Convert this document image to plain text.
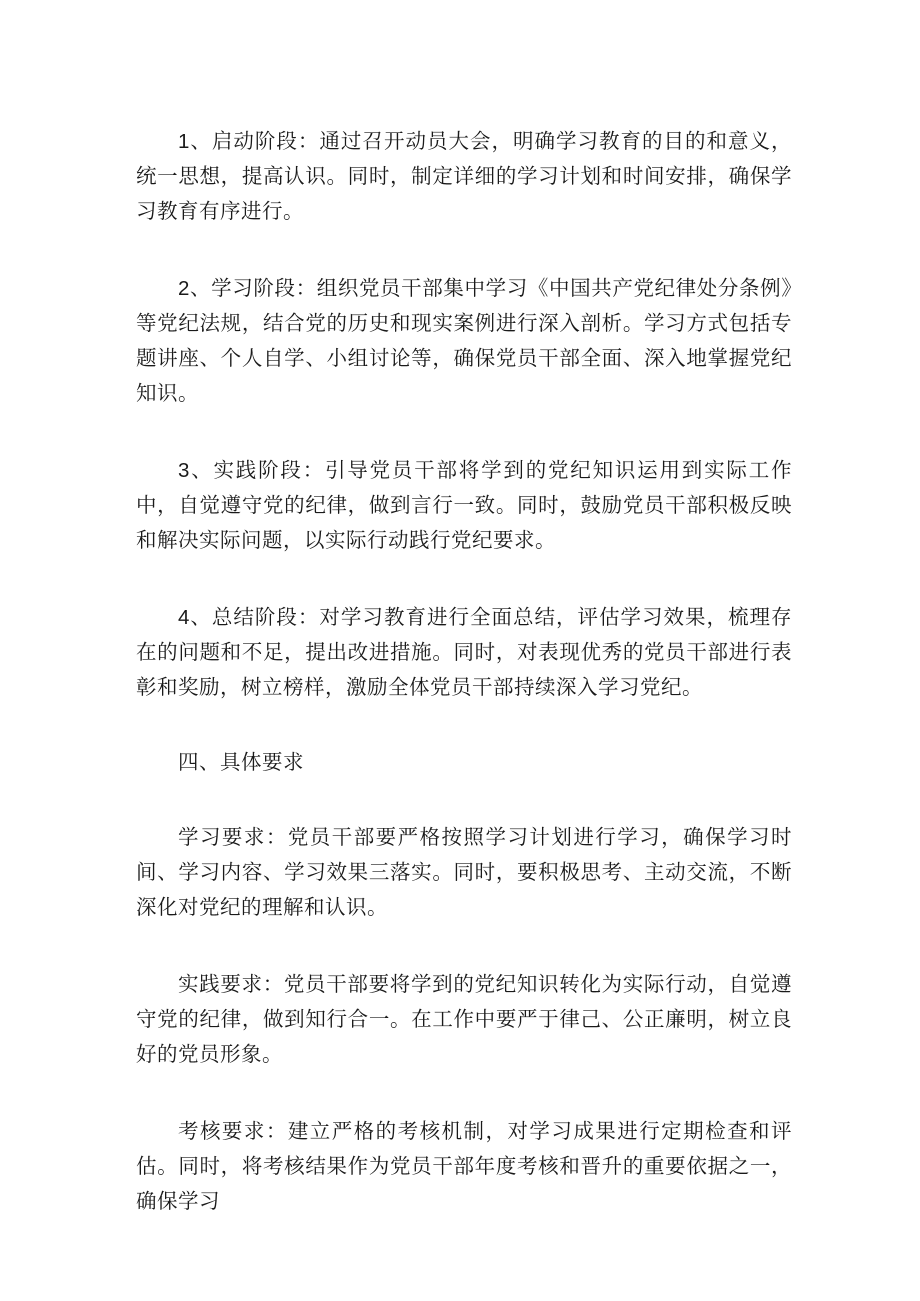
1、启动阶段：通过召开动员大会，明确学习教育的目的和意义，统一思想，提高认识。同时，制定详细的学习计划和时间安排，确保学习教育有序进行。

2、学习阶段：组织党员干部集中学习《中国共产党纪律处分条例》等党纪法规，结合党的历史和现实案例进行深入剖析。学习方式包括专题讲座、个人自学、小组讨论等，确保党员干部全面、深入地掌握党纪知识。

3、实践阶段：引导党员干部将学到的党纪知识运用到实际工作中，自觉遵守党的纪律，做到言行一致。同时，鼓励党员干部积极反映和解决实际问题，以实际行动践行党纪要求。

4、总结阶段：对学习教育进行全面总结，评估学习效果，梳理存在的问题和不足，提出改进措施。同时，对表现优秀的党员干部进行表彰和奖励，树立榜样，激励全体党员干部持续深入学习党纪。

四、具体要求

学习要求：党员干部要严格按照学习计划进行学习，确保学习时间、学习内容、学习效果三落实。同时，要积极思考、主动交流，不断深化对党纪的理解和认识。

实践要求：党员干部要将学到的党纪知识转化为实际行动，自觉遵守党的纪律，做到知行合一。在工作中要严于律己、公正廉明，树立良好的党员形象。

考核要求：建立严格的考核机制，对学习成果进行定期检查和评估。同时，将考核结果作为党员干部年度考核和晋升的重要依据之一，确保学习
